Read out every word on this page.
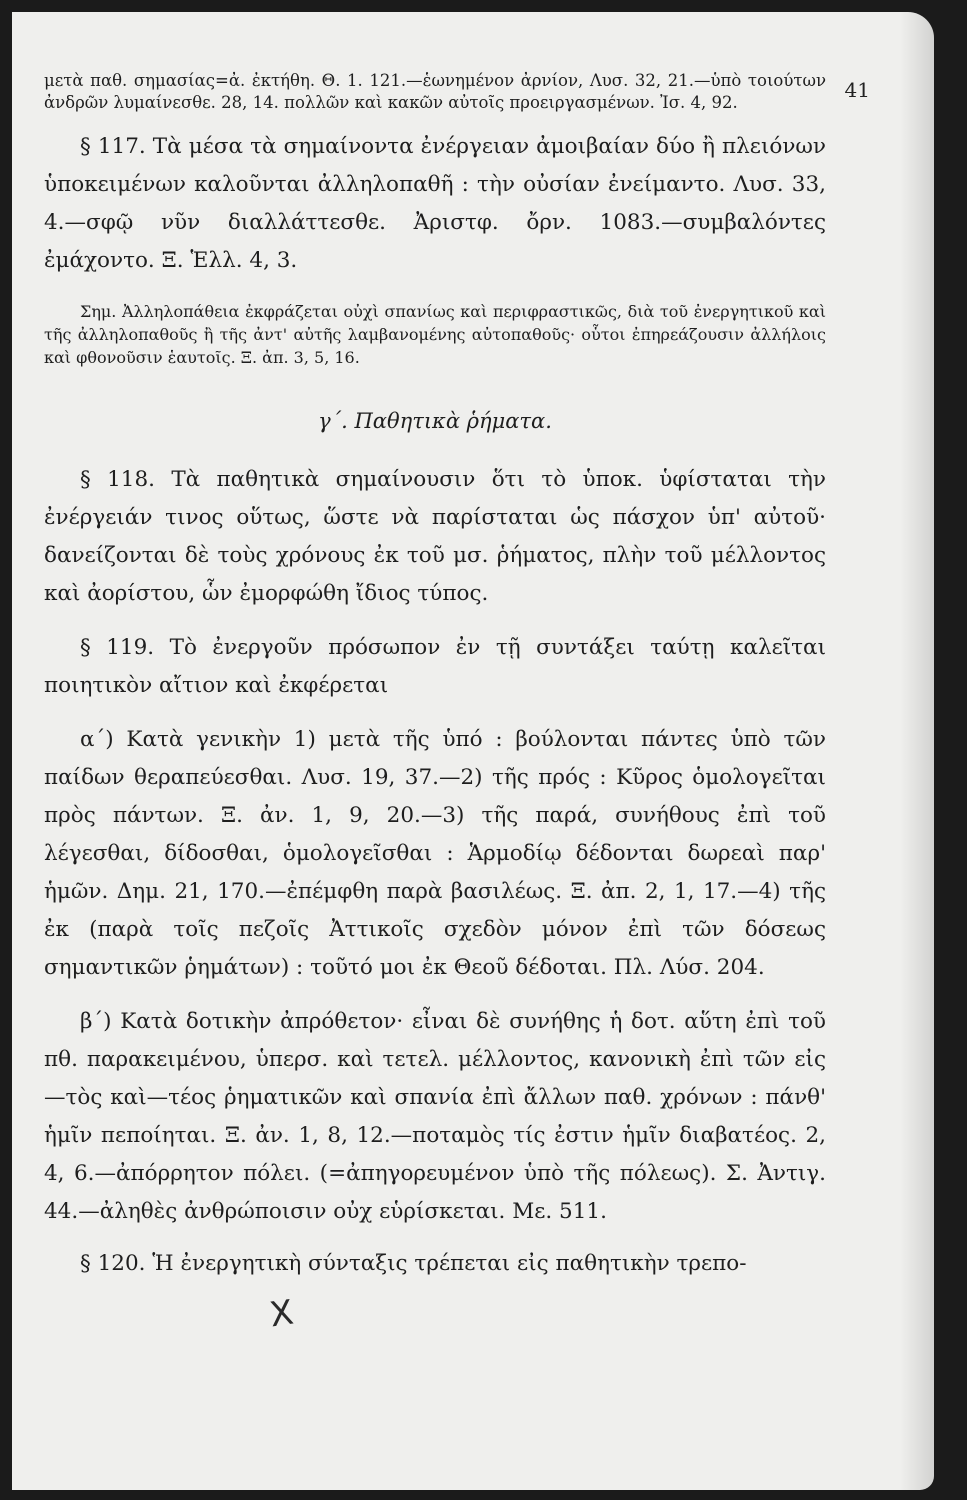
41

μετὰ παθ. σημασίας=ἀ. ἐκτήθη. Θ. 1. 121.—ἑωνημένον ἀρνίον, Λυσ. 32, 21.—ὑπὸ τοιούτων ἀνδρῶν λυμαίνεσθε. 28, 14. πολλῶν καὶ κακῶν αὐτοῖς προειργασμένων. Ἰσ. 4, 92.

§ 117. Τὰ μέσα τὰ σημαίνοντα ἐνέργειαν ἀμοιβαίαν δύο ἢ πλειόνων ὑποκειμένων καλοῦνται ἀλληλοπαθῆ : τὴν οὐσίαν ἐνείμαντο. Λυσ. 33, 4.—σφῷ νῦν διαλλάττεσθε. Ἀριστφ. ὄρν. 1083.—συμβαλόντες ἐμάχοντο. Ξ. Ἑλλ. 4, 3.

Σημ. Ἀλληλοπάθεια ἐκφράζεται οὐχὶ σπανίως καὶ περιφραστικῶς, διὰ τοῦ ἐνεργητικοῦ καὶ τῆς ἀλληλοπαθοῦς ἢ τῆς ἀντ' αὐτῆς λαμβανομένης αὐτοπαθοῦς· οὗτοι ἐπηρεάζουσιν ἀλλήλοις καὶ φθονοῦσιν ἑαυτοῖς. Ξ. ἀπ. 3, 5, 16.

γ΄. Παθητικὰ ῥήματα.

§ 118. Τὰ παθητικὰ σημαίνουσιν ὅτι τὸ ὑποκ. ὑφίσταται τὴν ἐνέργειάν τινος οὕτως, ὥστε νὰ παρίσταται ὡς πάσχον ὑπ' αὐτοῦ· δανείζονται δὲ τοὺς χρόνους ἐκ τοῦ μσ. ῥήματος, πλὴν τοῦ μέλλοντος καὶ ἀορίστου, ὧν ἐμορφώθη ἴδιος τύπος.

§ 119. Τὸ ἐνεργοῦν πρόσωπον ἐν τῇ συντάξει ταύτῃ καλεῖται ποιητικὸν αἴτιον καὶ ἐκφέρεται

α΄) Κατὰ γενικὴν 1) μετὰ τῆς ὑπό : βούλονται πάντες ὑπὸ τῶν παίδων θεραπεύεσθαι. Λυσ. 19, 37.—2) τῆς πρός : Κῦρος ὁμολογεῖται πρὸς πάντων. Ξ. ἀν. 1, 9, 20.—3) τῆς παρά, συνήθους ἐπὶ τοῦ λέγεσθαι, δίδοσθαι, ὁμολογεῖσθαι : Ἁρμοδίῳ δέδονται δωρεαὶ παρ' ἡμῶν. Δημ. 21, 170.—ἐπέμφθη παρὰ βασιλέως. Ξ. ἀπ. 2, 1, 17.—4) τῆς ἐκ (παρὰ τοῖς πεζοῖς Ἀττικοῖς σχεδὸν μόνον ἐπὶ τῶν δόσεως σημαντικῶν ῥημάτων) : τοῦτό μοι ἐκ Θεοῦ δέδοται. Πλ. Λύσ. 204.

β΄) Κατὰ δοτικὴν ἀπρόθετον· εἶναι δὲ συνήθης ἡ δοτ. αὕτη ἐπὶ τοῦ πθ. παρακειμένου, ὑπερσ. καὶ τετελ. μέλλοντος, κανονικὴ ἐπὶ τῶν εἰς—τὸς καὶ—τέος ῥηματικῶν καὶ σπανία ἐπὶ ἄλλων παθ. χρόνων : πάνθ' ἡμῖν πεποίηται. Ξ. ἀν. 1, 8, 12.—ποταμὸς τίς ἐστιν ἡμῖν διαβατέος. 2, 4, 6.—ἀπόρρητον πόλει. (=ἀπηγορευμένον ὑπὸ τῆς πόλεως). Σ. Ἀντιγ. 44.—ἀληθὲς ἀνθρώποισιν οὐχ εὑρίσκεται. Με. 511.

§ 120. Ἡ ἐνεργητικὴ σύνταξις τρέπεται εἰς παθητικὴν τρεπο-

Χ
